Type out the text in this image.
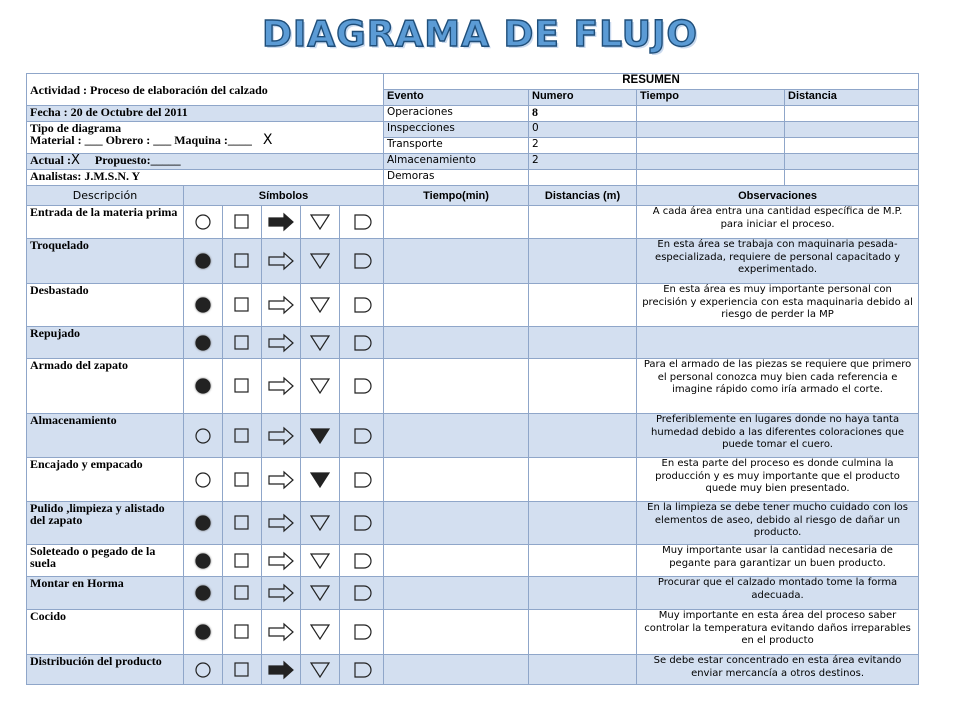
DIAGRAMA DE FLUJO
Actividad : Proceso de elaboración del calzado	RESUMEN			
	Evento	Numero	Tiempo	Distancia
Fecha : 20 de Octubre del 2011	Operaciones	8		

Tipo de diagrama
Material : ___ Obrero : ___ Maquina :____ X	Inspecciones	0		
	Transporte	2		
Actual :X Propuesto:_____	Almacenamiento	2		
Analistas: J.M.S.N. Y	Demoras			
Descripción	Símbolos					Tiempo(min)	Distancias (m)	Observaciones
Entrada de la materia prima								A cada área entra una cantidad específica de M.P. para iniciar el proceso.
Troquelado								En esta área se trabaja con maquinaria pesada-especializada, requiere de personal capacitado y experimentado.
Desbastado								En esta área es muy importante personal con precisión y experiencia con esta maquinaria debido al riesgo de perder la MP
Repujado	

Armado del zapato								Para el armado de las piezas se requiere que primero el personal conozca muy bien cada referencia e imagine rápido como iría armado el corte.
Almacenamiento								Preferiblemente en lugares donde no haya tanta humedad debido a las diferentes coloraciones que puede tomar el cuero.
Encajado y empacado								En esta parte del proceso es donde culmina la producción y es muy importante que el producto quede muy bien presentado.
Pulido ,limpieza y alistado del zapato								En la limpieza se debe tener mucho cuidado con los elementos de aseo, debido al riesgo de dañar un producto.
Soleteado o pegado de la suela								Muy importante usar la cantidad necesaria de pegante para garantizar un buen producto.
Montar en Horma								Procurar que el calzado montado tome la forma adecuada.
Cocido								Muy importante en esta área del proceso saber controlar la temperatura evitando daños irreparables en el producto
Distribución del producto								Se debe estar concentrado en esta área evitando enviar mercancía a otros destinos.
